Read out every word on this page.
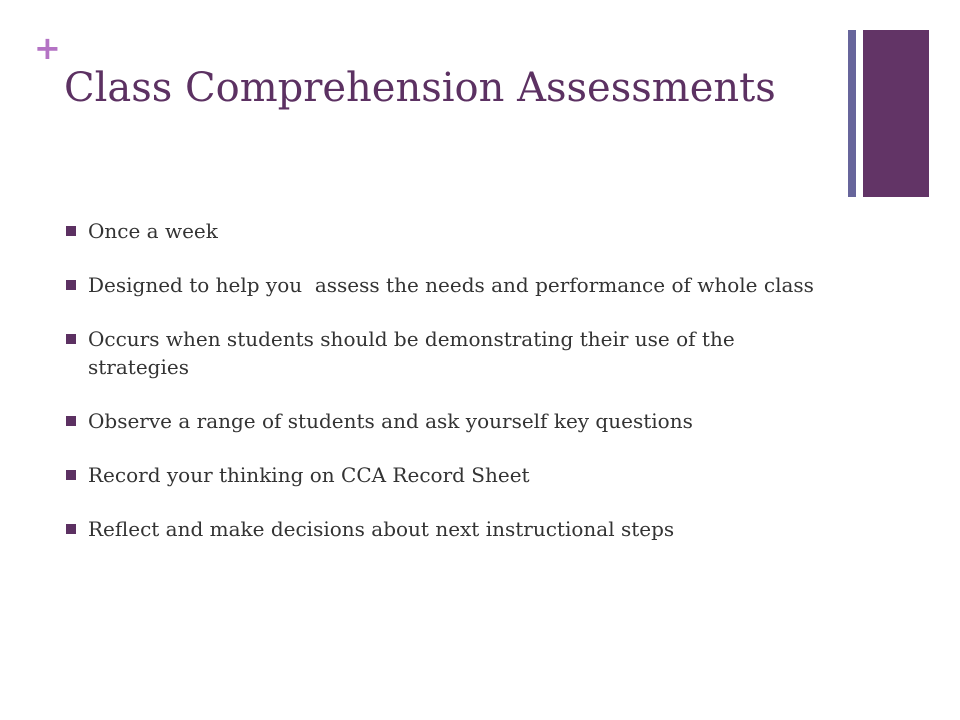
+
Class Comprehension Assessments
Once a week
Designed to help you  assess the needs and performance of whole class
Occurs when students should be demonstrating their use of the strategies
Observe a range of students and ask yourself key questions
Record your thinking on CCA Record Sheet
Reflect and make decisions about next instructional steps
